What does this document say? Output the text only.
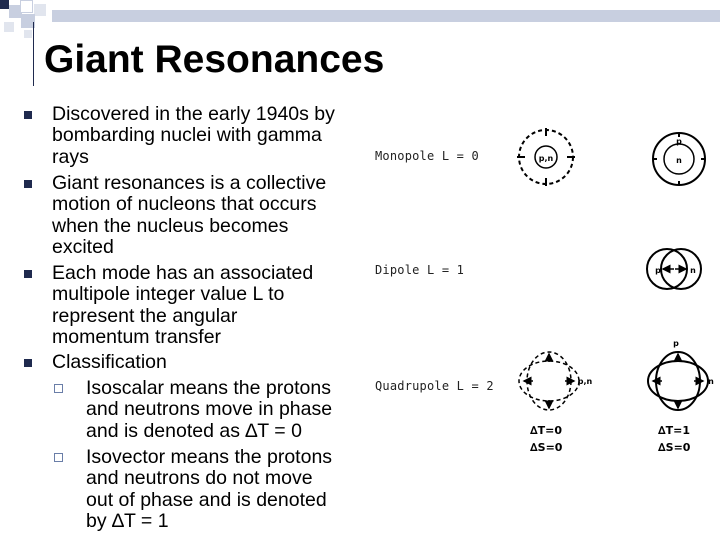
Giant Resonances
Discovered in the early 1940s by
bombarding nuclei with gamma
rays
Giant resonances is a collective
motion of nucleons that occurs
when the nucleus becomes
excited
Each mode has an associated
multipole integer value L to
represent the angular
momentum transfer
Classification
Isoscalar means the protons
and neutrons move in phase
and is denoted as ∆T = 0
Isovector means the protons
and neutrons do not move
out of phase and is denoted
by ∆T = 1
Monopole L = 0
Dipole L = 1
Quadrupole L = 2
p,n	n
p
p	n
p,n
p
n
∆T=0
∆S=0
∆T=1
∆S=0
